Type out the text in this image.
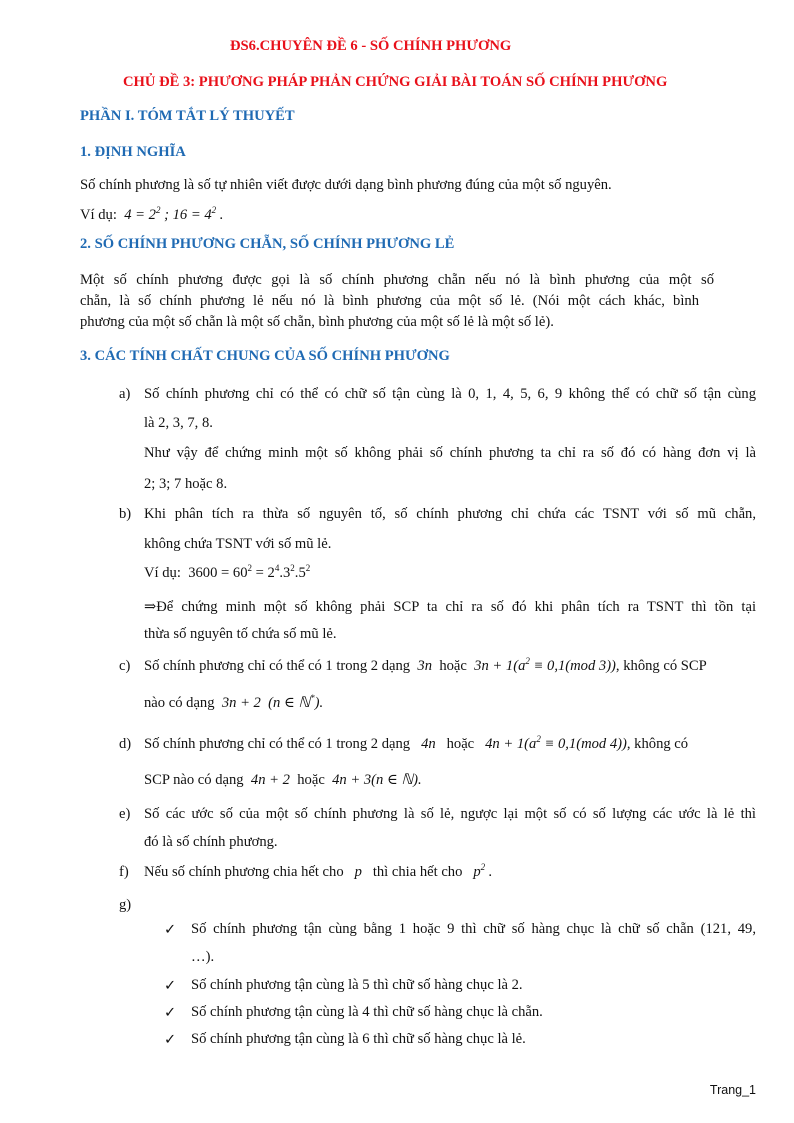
ĐS6.CHUYÊN ĐỀ 6 - SỐ CHÍNH PHƯƠNG
CHỦ ĐỀ 3: PHƯƠNG PHÁP PHẢN CHỨNG GIẢI BÀI TOÁN SỐ CHÍNH PHƯƠNG
PHẦN I. TÓM TẮT LÝ THUYẾT
1. ĐỊNH NGHĨA
Số chính phương là số tự nhiên viết được dưới dạng bình phương đúng của một số nguyên.
Ví dụ:  $4 = 2^2$ ; $16 = 4^2$ .
2. SỐ CHÍNH PHƯƠNG CHẴN, SỐ CHÍNH PHƯƠNG LẺ
Một số chính phương được gọi là số chính phương chẵn nếu nó là bình phương của một số
chẵn, là số chính phương lẻ nếu nó là bình phương của một số lẻ. (Nói một cách khác, bình
phương của một số chẵn là một số chẵn, bình phương của một số lẻ là một số lẻ).
3. CÁC TÍNH CHẤT CHUNG CỦA SỐ CHÍNH PHƯƠNG
a) Số chính phương chỉ có thể có chữ số tận cùng là 0, 1, 4, 5, 6, 9 không thể có chữ số tận cùng
là 2, 3, 7, 8.
Như vậy để chứng minh một số không phải số chính phương ta chỉ ra số đó có hàng đơn vị là
2; 3; 7 hoặc 8.
b) Khi phân tích ra thừa số nguyên tố, số chính phương chỉ chứa các TSNT với số mũ chẵn,
không chứa TSNT với số mũ lẻ.
Ví dụ:  $3600 = 60^2 = 2^4.3^2.5^2$
⇒Để chứng minh một số không phải SCP ta chỉ ra số đó khi phân tích ra TSNT thì tồn tại
thừa số nguyên tố chứa số mũ lẻ.
c) Số chính phương chỉ có thể có 1 trong 2 dạng  3n  hoặc  $3n + 1(a^2 \equiv 0,1(mod$ 3)), không có SCP
nào có dạng  3n + 2  (n ∈ ℕ*).
d) Số chính phương chỉ có thể có 1 trong 2 dạng   4n   hoặc   $4n + 1(a^2 \equiv 0,1(mod$ 4)), không có
SCP nào có dạng  4n + 2  hoặc  4n + 3(n ∈ ℕ).
e) Số các ước số của một số chính phương là số lẻ, ngược lại một số có số lượng các ước là lẻ thì
đó là số chính phương.
f) Nếu số chính phương chia hết cho   p   thì chia hết cho   $p^2$ .
g)
✓ Số chính phương tận cùng bằng 1 hoặc 9 thì chữ số hàng chục là chữ số chẵn (121, 49,
…).
✓ Số chính phương tận cùng là 5 thì chữ số hàng chục là 2.
✓ Số chính phương tận cùng là 4 thì chữ số hàng chục là chẵn.
✓ Số chính phương tận cùng là 6 thì chữ số hàng chục là lẻ.
Trang_1
